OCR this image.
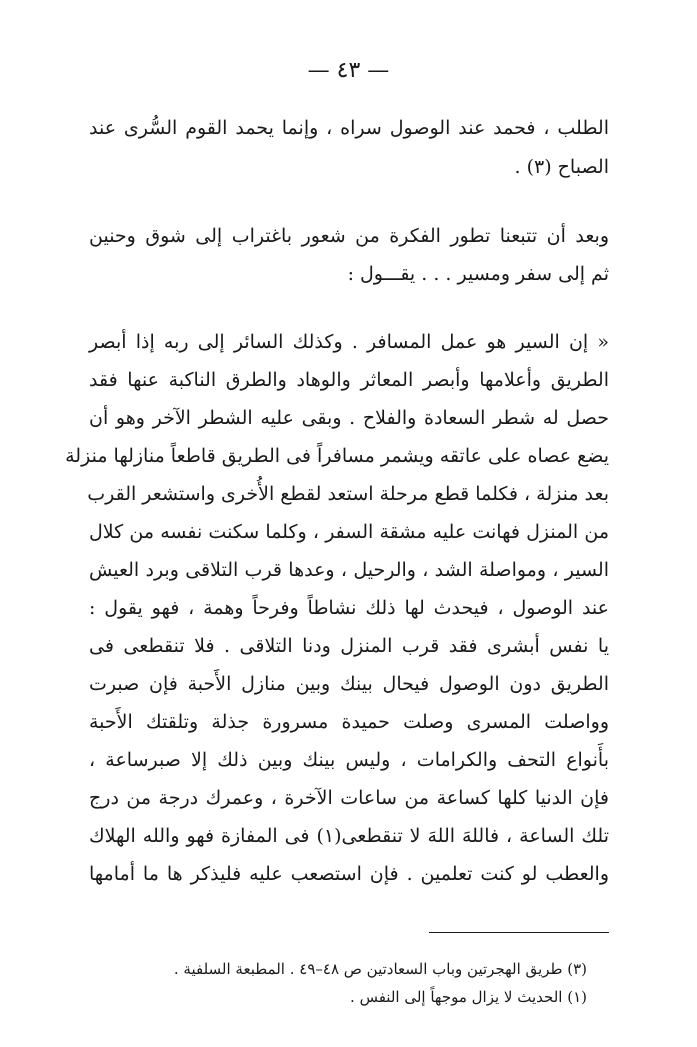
— ٤٣ —
الطلب ، فحمد عند الوصول سراه ، وإنما يحمد القوم السُّرى عند
الصباح (٣) .
وبعد أن تتبعنا تطور الفكرة من شعور باغتراب إلى شوق وحنين
ثم إلى سفر ومسير . . . يقـــول :
« إن السير هو عمل المسافر . وكذلك السائر إلى ربه إذا أبصر
الطريق وأعلامها وأبصر المعاثر والوهاد والطرق الناكبة عنها فقد
حصل له شطر السعادة والفلاح . وبقى عليه الشطر الآخر وهو أن
يضع عصاه على عاتقه ويشمر مسافراً فى الطريق قاطعاً منازلها منزلة
بعد منزلة ، فكلما قطع مرحلة استعد لقطع الأُخرى واستشعر القرب
من المنزل فهانت عليه مشقة السفر ، وكلما سكنت نفسه من كلال
السير ، ومواصلة الشد ، والرحيل ، وعدها قرب التلاقى وبرد العيش
عند الوصول ، فيحدث لها ذلك نشاطاً وفرحاً وهمة ، فهو يقول :
يا نفس أبشرى فقد قرب المنزل ودنا التلاقى . فلا تنقطعى فى
الطريق دون الوصول فيحال بينك وبين منازل الأَحبة فإن صبرت
وواصلت المسرى وصلت حميدة مسرورة جذلة وتلقتك الأَحبة
بأَنواع التحف والكرامات ، وليس بينك وبين ذلك إلا صبرساعة ،
فإن الدنيا كلها كساعة من ساعات الآخرة ، وعمرك درجة من درج
تلك الساعة ، فاللهَ اللهَ لا تنقطعى(١) فى المفازة فهو والله الهلاك
والعطب لو كنت تعلمين . فإن استصعب عليه فليذكر ها ما أمامها
(٣) طريق الهجرتين وباب السعادتين ص ٤٨–٤٩ . المطبعة السلفية .
(١) الحديث لا يزال موجهاً إلى النفس .
